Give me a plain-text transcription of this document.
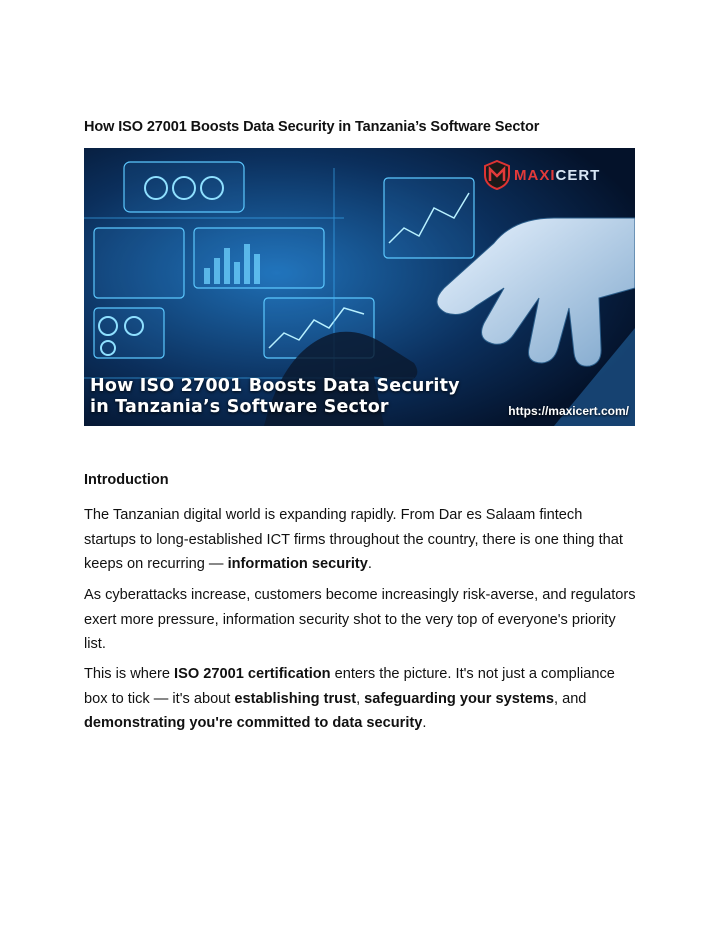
How ISO 27001 Boosts Data Security in Tanzania’s Software Sector
MAXICERT
How ISO 27001 Boosts Data Security
in Tanzania’s Software Sector	https://maxicert.com/
Introduction

The Tanzanian digital world is expanding rapidly. From Dar es Salaam fintech startups to long-established ICT firms throughout the country, there is one thing that keeps on recurring — information security.

As cyberattacks increase, customers become increasingly risk-averse, and regulators exert more pressure, information security shot to the very top of everyone's priority list.

This is where ISO 27001 certification enters the picture. It's not just a compliance box to tick — it's about establishing trust, safeguarding your systems, and demonstrating you're committed to data security.
